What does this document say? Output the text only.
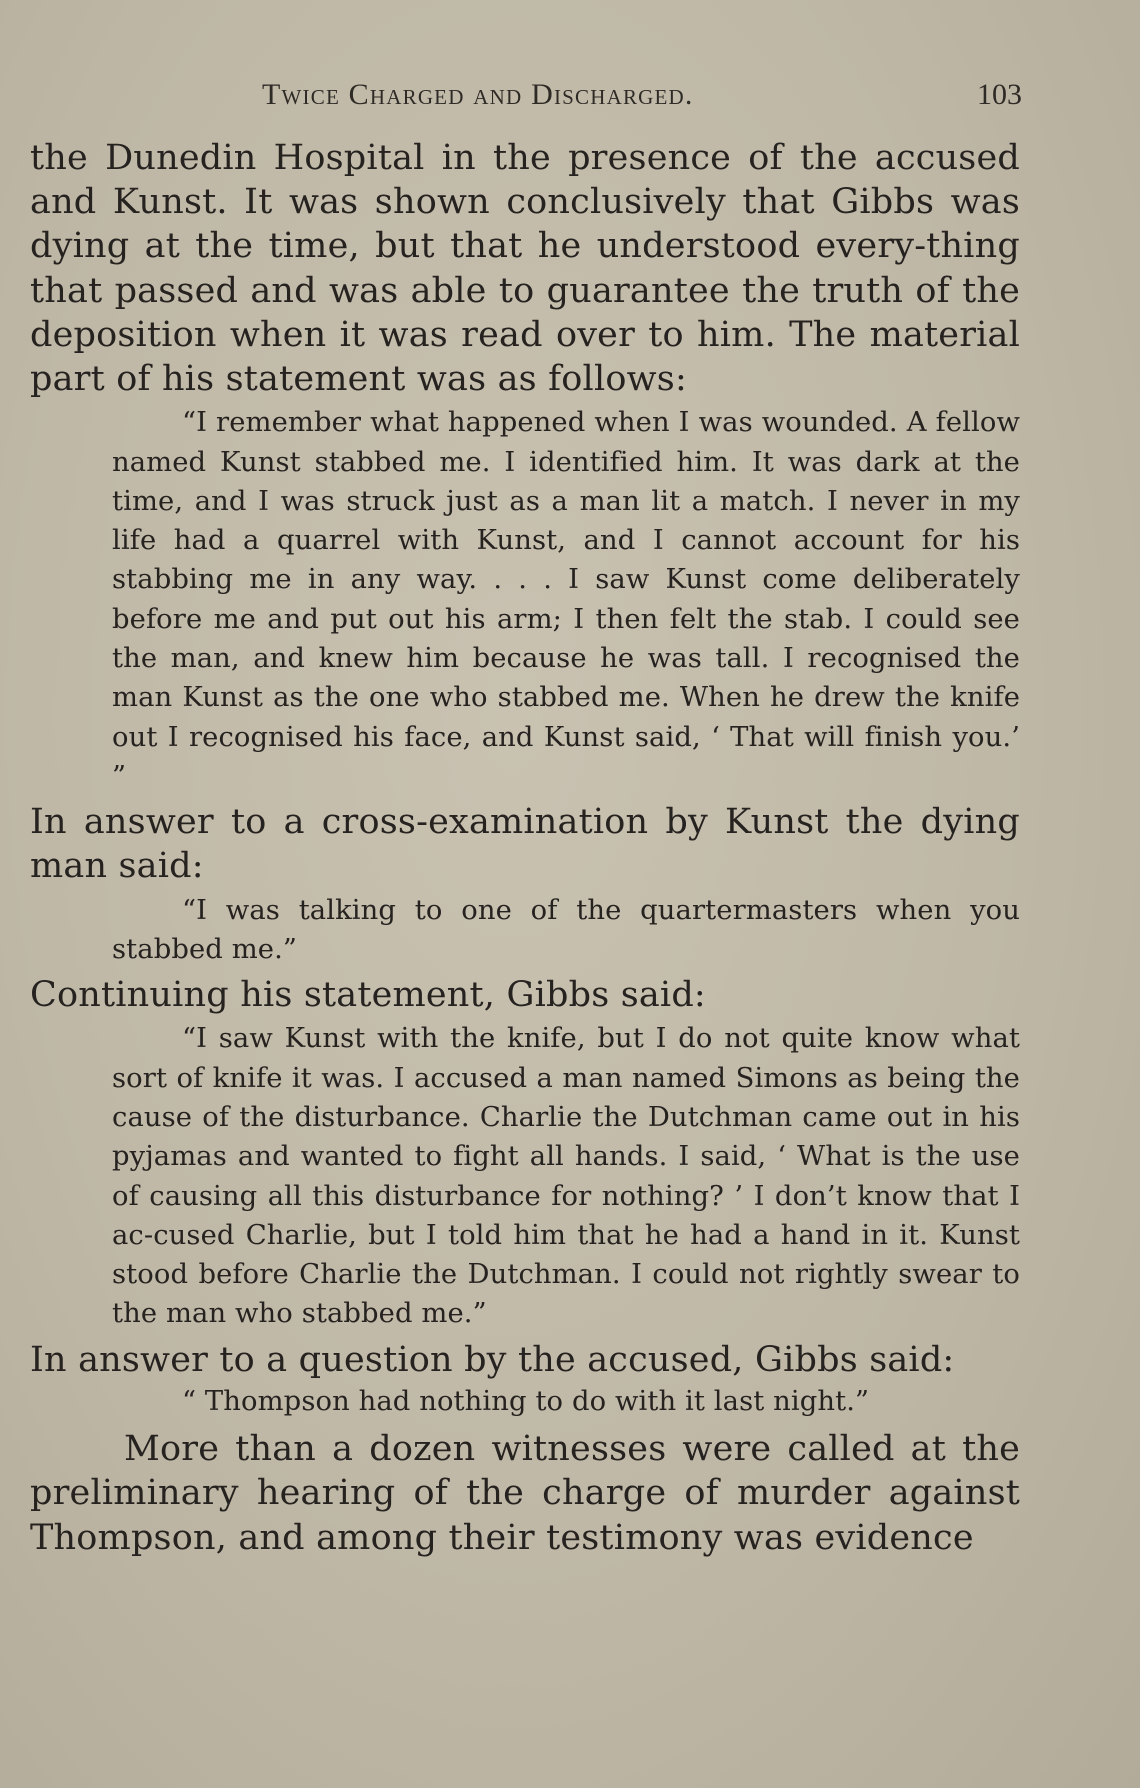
Twice Charged and Discharged.	103

the Dunedin Hospital in the presence of the accused and Kunst. It was shown conclusively that Gibbs was dying at the time, but that he understood every-thing that passed and was able to guarantee the truth of the deposition when it was read over to him. The material part of his statement was as follows:

“I remember what happened when I was wounded. A fellow named Kunst stabbed me. I identified him. It was dark at the time, and I was struck just as a man lit a match. I never in my life had a quarrel with Kunst, and I cannot account for his stabbing me in any way. . . . I saw Kunst come deliberately before me and put out his arm; I then felt the stab. I could see the man, and knew him because he was tall. I recognised the man Kunst as the one who stabbed me. When he drew the knife out I recognised his face, and Kunst said, ‘ That will finish you.’ ”

In answer to a cross-examination by Kunst the dying man said:

“I was talking to one of the quartermasters when you stabbed me.”

Continuing his statement, Gibbs said:

“I saw Kunst with the knife, but I do not quite know what sort of knife it was. I accused a man named Simons as being the cause of the disturbance. Charlie the Dutchman came out in his pyjamas and wanted to fight all hands. I said, ‘ What is the use of causing all this disturbance for nothing? ’ I don’t know that I ac-cused Charlie, but I told him that he had a hand in it. Kunst stood before Charlie the Dutchman. I could not rightly swear to the man who stabbed me.”

In answer to a question by the accused, Gibbs said:

“ Thompson had nothing to do with it last night.”

More than a dozen witnesses were called at the preliminary hearing of the charge of murder against Thompson, and among their testimony was evidence
